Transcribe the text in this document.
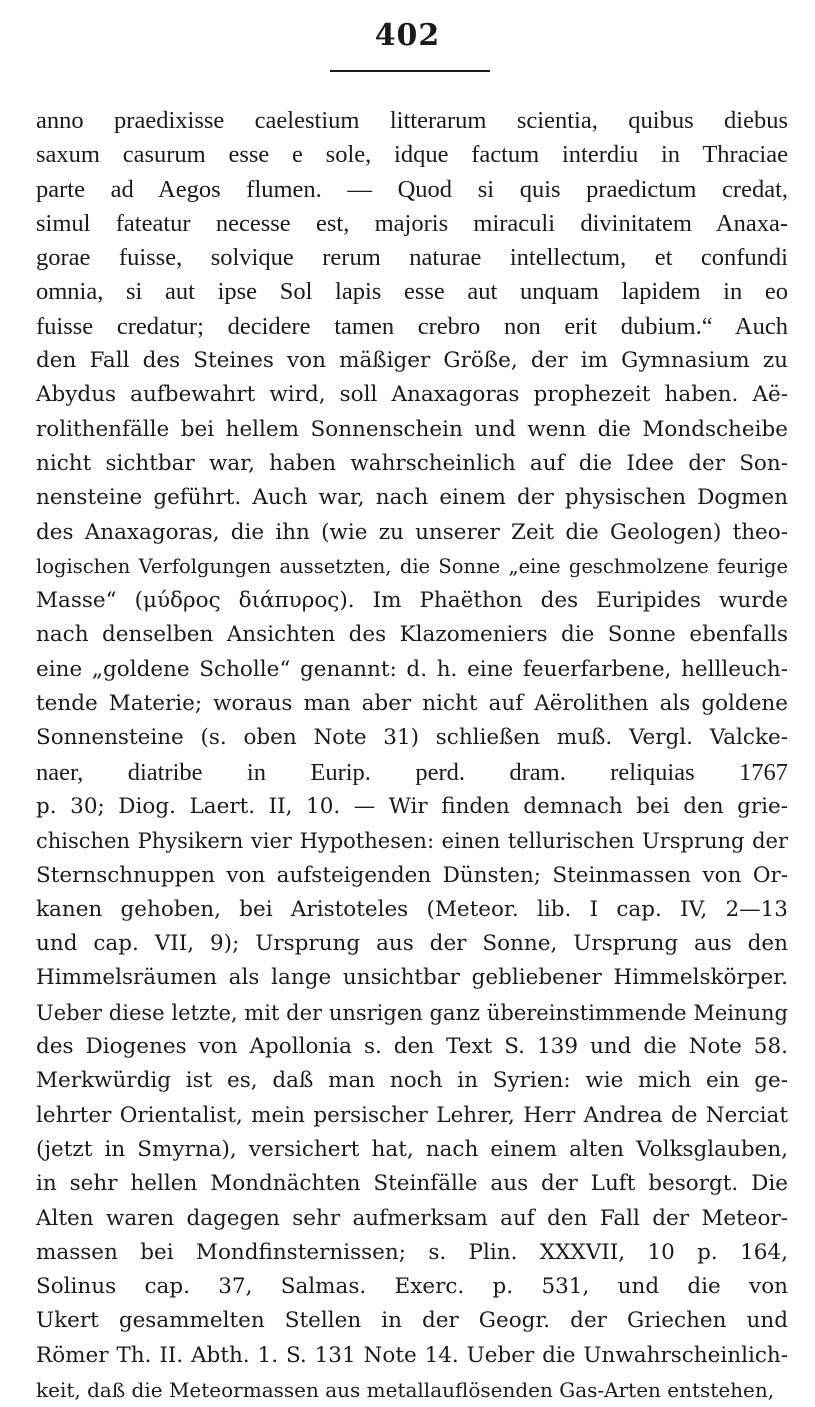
402
anno praedixisse caelestium litterarum scientia, quibus diebus
saxum casurum esse e sole, idque factum interdiu in Thraciae
parte ad Aegos flumen. — Quod si quis praedictum credat,
simul fateatur necesse est, majoris miraculi divinitatem Anaxa-
gorae fuisse, solvique rerum naturae intellectum, et confundi
omnia, si aut ipse Sol lapis esse aut unquam lapidem in eo
fuisse credatur; decidere tamen crebro non erit dubium.“ Auch
den Fall des Steines von mäßiger Größe, der im Gymnasium zu
Abydus aufbewahrt wird, soll Anaxagoras prophezeit haben. Aë-
rolithenfälle bei hellem Sonnenschein und wenn die Mondscheibe
nicht sichtbar war, haben wahrscheinlich auf die Idee der Son-
nensteine geführt. Auch war, nach einem der physischen Dogmen
des Anaxagoras, die ihn (wie zu unserer Zeit die Geologen) theo-
logischen Verfolgungen aussetzten, die Sonne „eine geschmolzene feurige
Masse“ (μύδρος διάπυρος). Im Phaëthon des Euripides wurde
nach denselben Ansichten des Klazomeniers die Sonne ebenfalls
eine „goldene Scholle“ genannt: d. h. eine feuerfarbene, hellleuch-
tende Materie; woraus man aber nicht auf Aërolithen als goldene
Sonnensteine (s. oben Note 31) schließen muß. Vergl. Valcke-
naer, diatribe in Eurip. perd. dram. reliquias 1767
p. 30; Diog. Laert. II, 10. — Wir finden demnach bei den grie-
chischen Physikern vier Hypothesen: einen tellurischen Ursprung der
Sternschnuppen von aufsteigenden Dünsten; Steinmassen von Or-
kanen gehoben, bei Aristoteles (Meteor. lib. I cap. IV, 2—13
und cap. VII, 9); Ursprung aus der Sonne, Ursprung aus den
Himmelsräumen als lange unsichtbar gebliebener Himmelskörper.
Ueber diese letzte, mit der unsrigen ganz übereinstimmende Meinung
des Diogenes von Apollonia s. den Text S. 139 und die Note 58.
Merkwürdig ist es, daß man noch in Syrien: wie mich ein ge-
lehrter Orientalist, mein persischer Lehrer, Herr Andrea de Nerciat
(jetzt in Smyrna), versichert hat, nach einem alten Volksglauben,
in sehr hellen Mondnächten Steinfälle aus der Luft besorgt. Die
Alten waren dagegen sehr aufmerksam auf den Fall der Meteor-
massen bei Mondfinsternissen; s. Plin. XXXVII, 10 p. 164,
Solinus cap. 37, Salmas. Exerc. p. 531, und die von
Ukert gesammelten Stellen in der Geogr. der Griechen und
Römer Th. II. Abth. 1. S. 131 Note 14. Ueber die Unwahrscheinlich-
keit, daß die Meteormassen aus metallauflösenden Gas-Arten entstehen,
